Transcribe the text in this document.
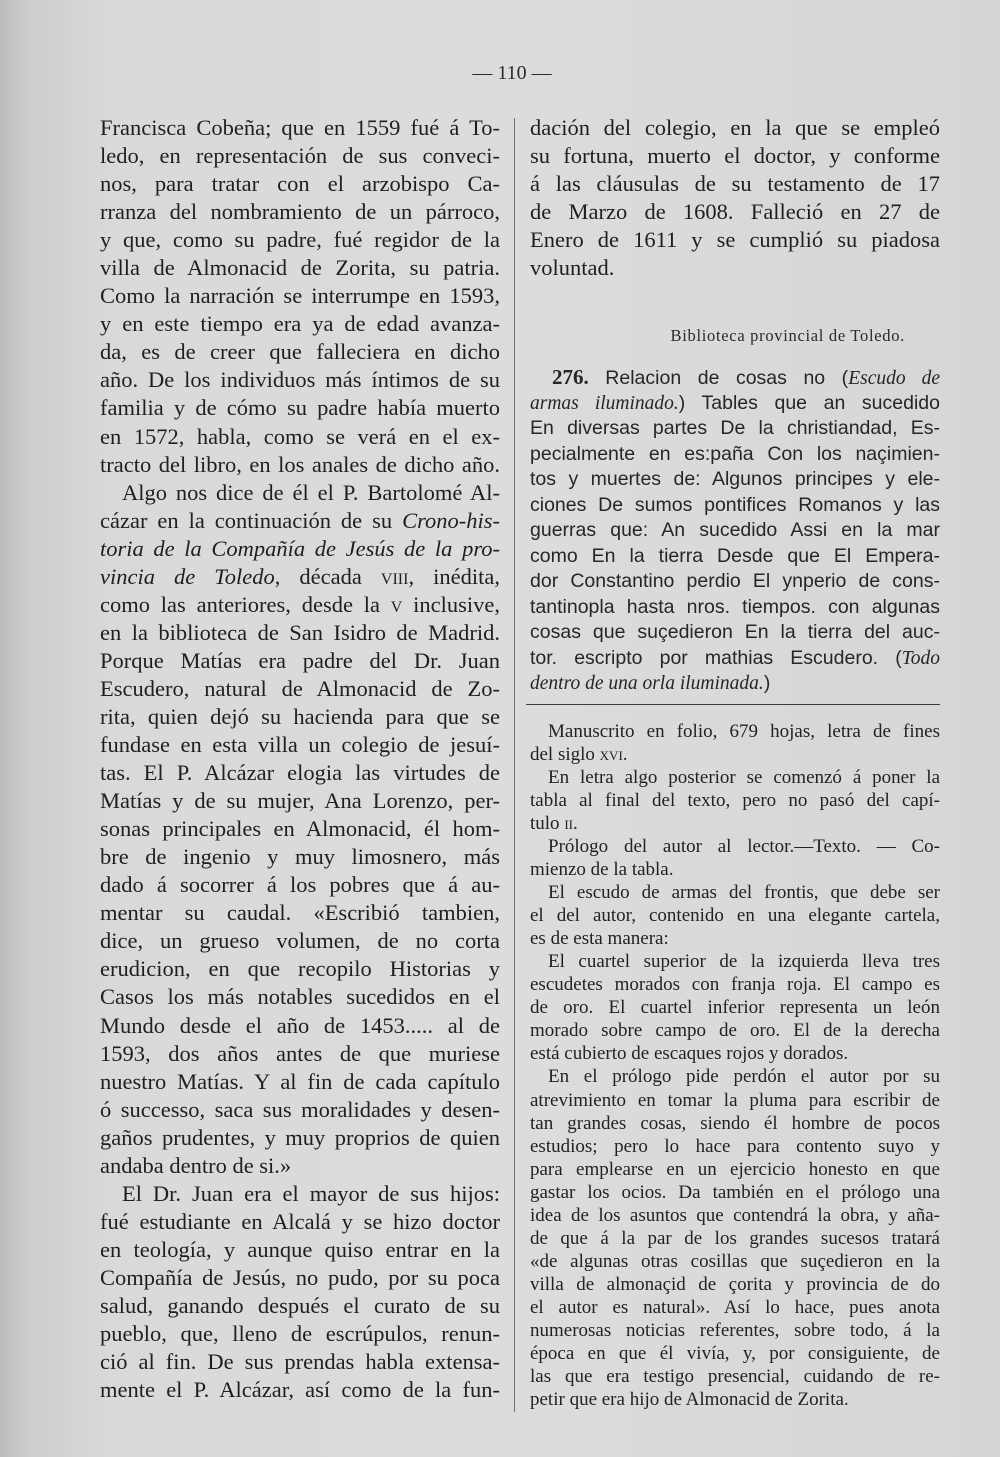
— 110 —
Francisca Cobeña; que en 1559 fué á To-
ledo, en representación de sus conveci-
nos, para tratar con el arzobispo Ca-
rranza del nombramiento de un párroco,
y que, como su padre, fué regidor de la
villa de Almonacid de Zorita, su patria.
Como la narración se interrumpe en 1593,
y en este tiempo era ya de edad avanza-
da, es de creer que falleciera en dicho
año. De los individuos más íntimos de su
familia y de cómo su padre había muerto
en 1572, habla, como se verá en el ex-
tracto del libro, en los anales de dicho año.
Algo nos dice de él el P. Bartolomé Al-
cázar en la continuación de su Crono-his-
toria de la Compañía de Jesús de la pro-
vincia de Toledo, década viii, inédita,
como las anteriores, desde la v inclusive,
en la biblioteca de San Isidro de Madrid.
Porque Matías era padre del Dr. Juan
Escudero, natural de Almonacid de Zo-
rita, quien dejó su hacienda para que se
fundase en esta villa un colegio de jesuí-
tas. El P. Alcázar elogia las virtudes de
Matías y de su mujer, Ana Lorenzo, per-
sonas principales en Almonacid, él hom-
bre de ingenio y muy limosnero, más
dado á socorrer á los pobres que á au-
mentar su caudal. «Escribió tambien,
dice, un grueso volumen, de no corta
erudicion, en que recopilo Historias y
Casos los más notables sucedidos en el
Mundo desde el año de 1453..... al de
1593, dos años antes de que muriese
nuestro Matías. Y al fin de cada capítulo
ó successo, saca sus moralidades y desen-
gaños prudentes, y muy proprios de quien
andaba dentro de si.»
El Dr. Juan era el mayor de sus hijos:
fué estudiante en Alcalá y se hizo doctor
en teología, y aunque quiso entrar en la
Compañía de Jesús, no pudo, por su poca
salud, ganando después el curato de su
pueblo, que, lleno de escrúpulos, renun-
ció al fin. De sus prendas habla extensa-
mente el P. Alcázar, así como de la fun-
dación del colegio, en la que se empleó
su fortuna, muerto el doctor, y conforme
á las cláusulas de su testamento de 17
de Marzo de 1608. Falleció en 27 de
Enero de 1611 y se cumplió su piadosa
voluntad.
Biblioteca provincial de Toledo.
276. Relacion de cosas no (Escudo de
armas iluminado.) Tables que an sucedido
En diversas partes De la christiandad, Es-
pecialmente en es:paña Con los naçimien-
tos y muertes de: Algunos principes y ele-
ciones De sumos pontifices Romanos y las
guerras que: An sucedido Assi en la mar
como En la tierra Desde que El Empera-
dor Constantino perdio El ynperio de cons-
tantinopla hasta nros. tiempos. con algunas
cosas que suçedieron En la tierra del auc-
tor. escripto por mathias Escudero. (Todo
dentro de una orla iluminada.)
Manuscrito en folio, 679 hojas, letra de fines
del siglo xvi.
En letra algo posterior se comenzó á poner la
tabla al final del texto, pero no pasó del capí-
tulo ii.
Prólogo del autor al lector.—Texto. — Co-
mienzo de la tabla.
El escudo de armas del frontis, que debe ser
el del autor, contenido en una elegante cartela,
es de esta manera:
El cuartel superior de la izquierda lleva tres
escudetes morados con franja roja. El campo es
de oro. El cuartel inferior representa un león
morado sobre campo de oro. El de la derecha
está cubierto de escaques rojos y dorados.
En el prólogo pide perdón el autor por su
atrevimiento en tomar la pluma para escribir de
tan grandes cosas, siendo él hombre de pocos
estudios; pero lo hace para contento suyo y
para emplearse en un ejercicio honesto en que
gastar los ocios. Da también en el prólogo una
idea de los asuntos que contendrá la obra, y aña-
de que á la par de los grandes sucesos tratará
«de algunas otras cosillas que suçedieron en la
villa de almonaçid de çorita y provincia de do
el autor es natural». Así lo hace, pues anota
numerosas noticias referentes, sobre todo, á la
época en que él vivía, y, por consiguiente, de
las que era testigo presencial, cuidando de re-
petir que era hijo de Almonacid de Zorita.
